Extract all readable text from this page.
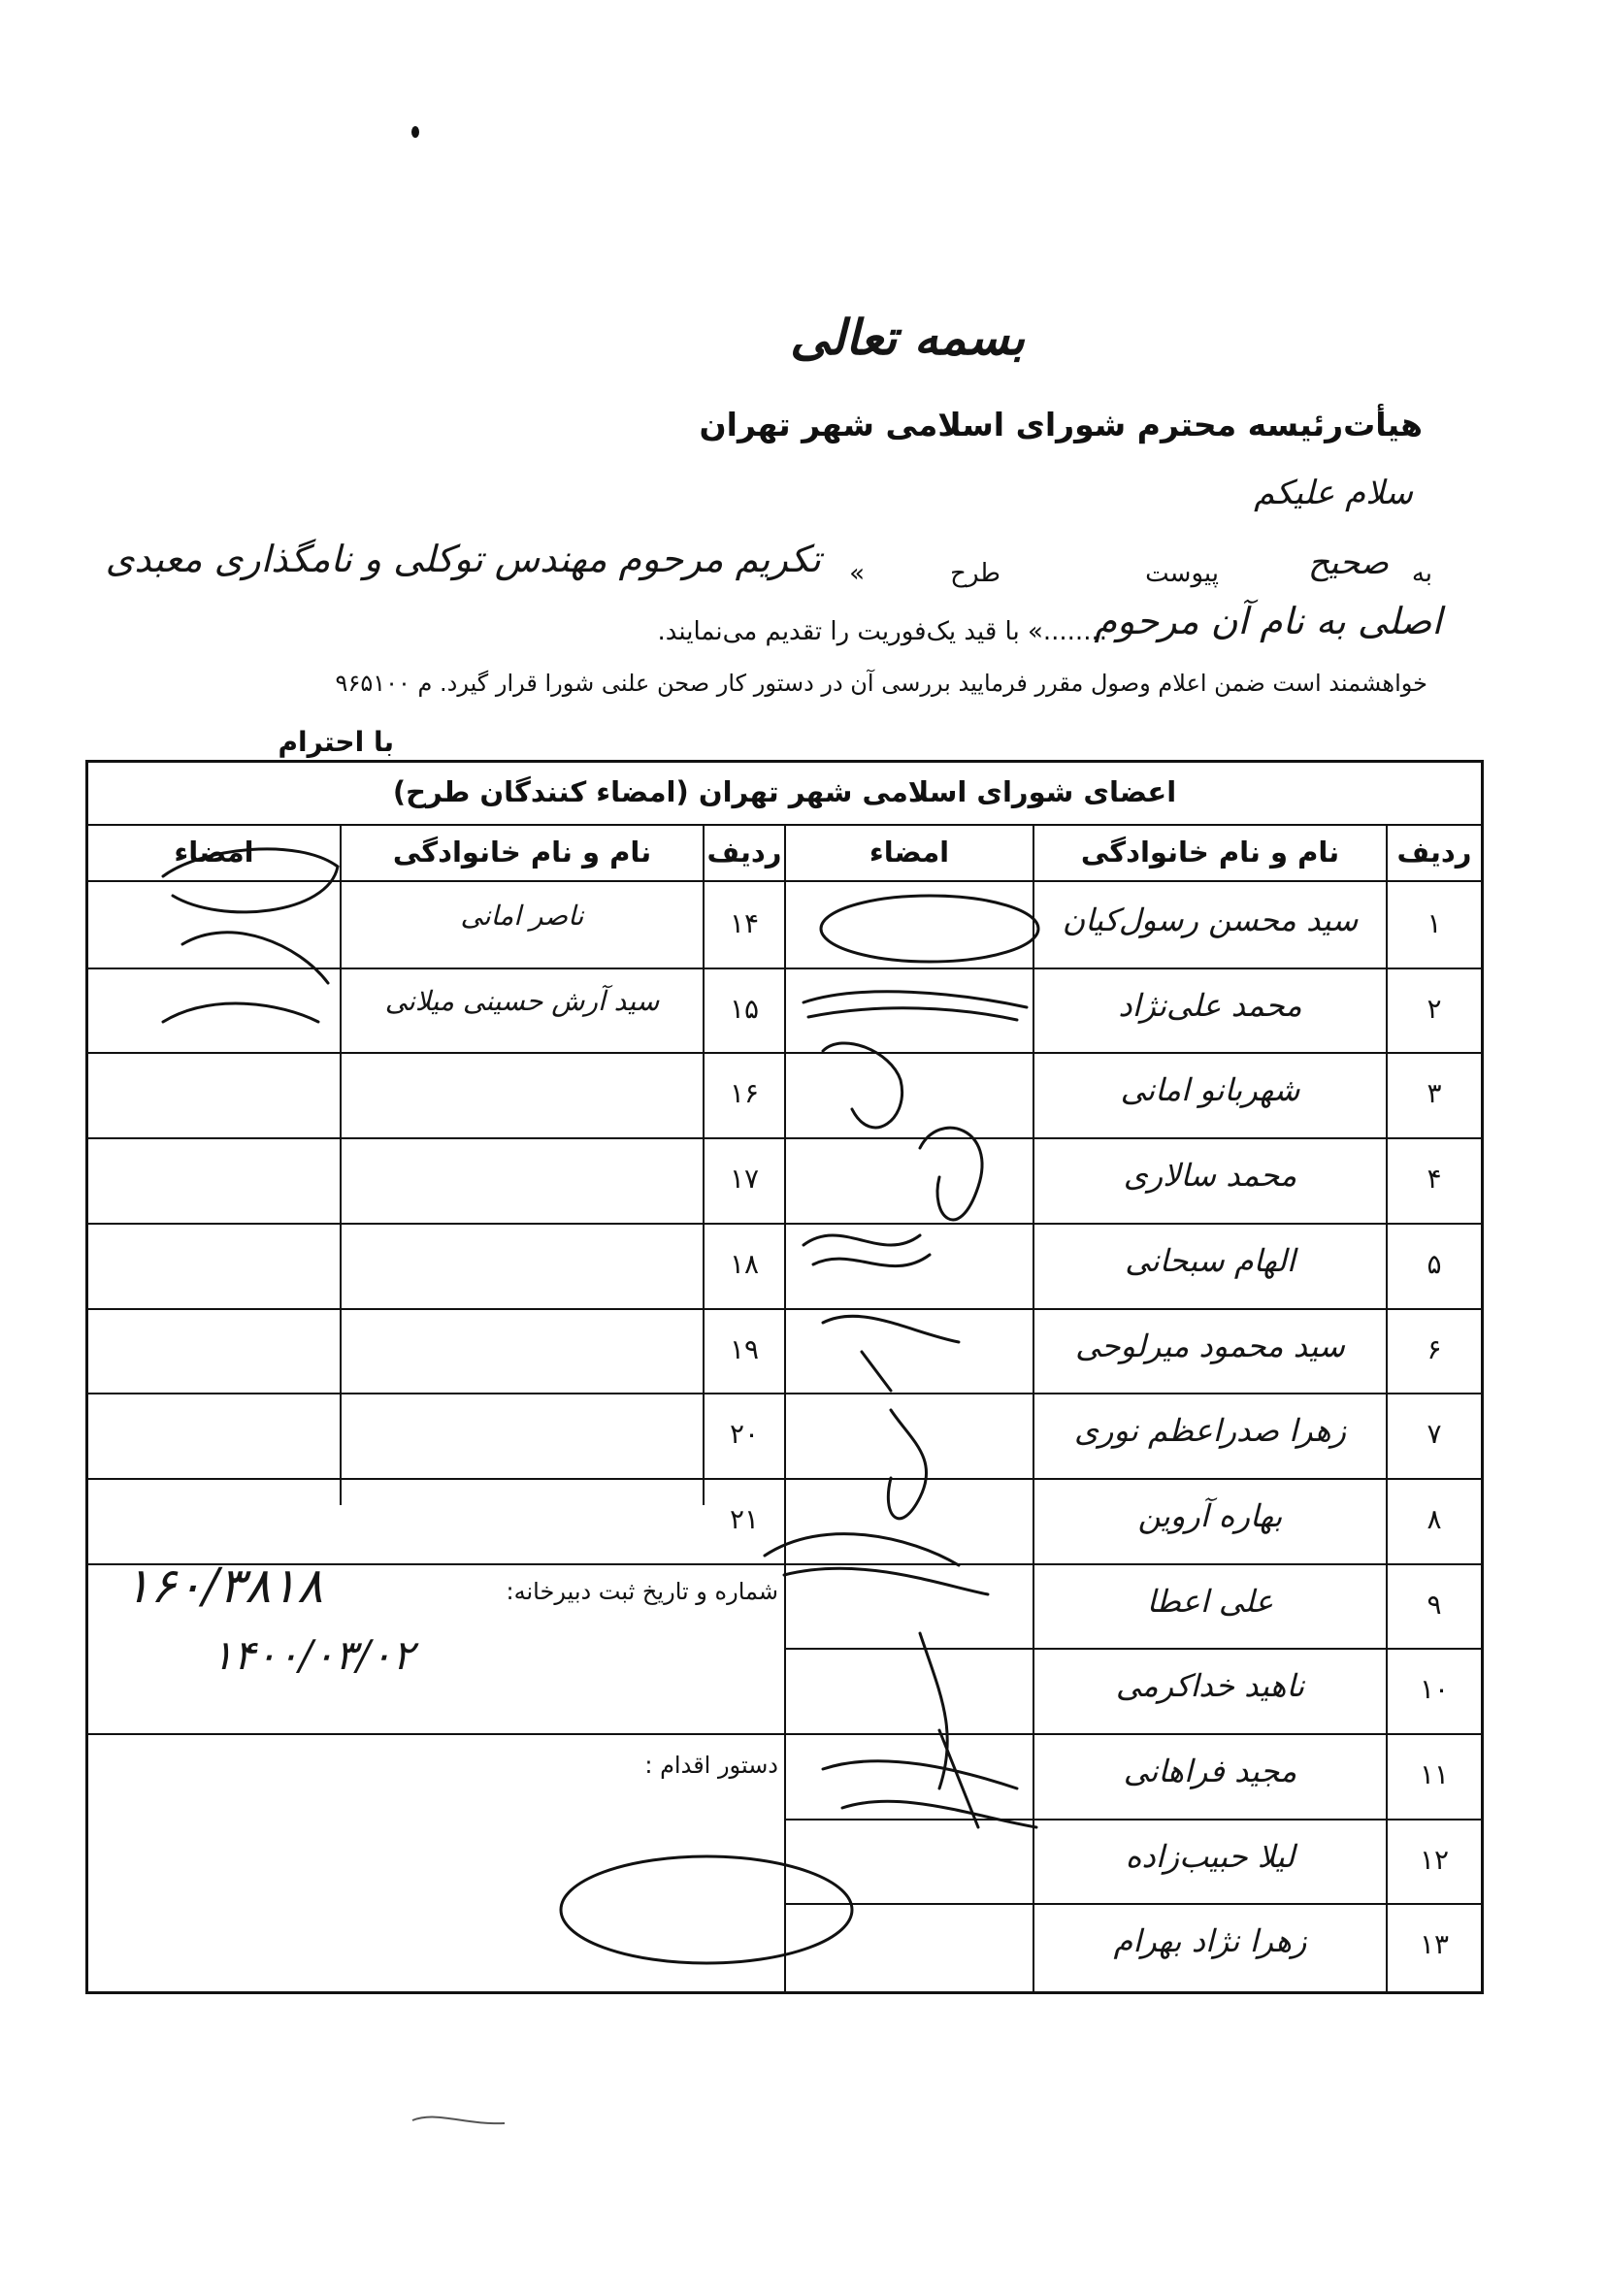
بسمه تعالی
هیأت‌رئیسه محترم شورای اسلامی شهر تهران
سلام علیکم
به
صحیح
پیوست
طرح
«
تکریم مرحوم مهندس توکلی و نامگذاری معبدی
اصلی به نام آن مرحوم
........» با قید یک‌فوریت را تقدیم می‌نمایند.
خواهشمند است ضمن اعلام وصول مقرر فرمایید بررسی آن در دستور کار صحن علنی شورا قرار گیرد. م ۹۶۵۱۰۰
با احترام
اعضای شورای اسلامی شهر تهران (امضاء کنندگان طرح)
ردیف
نام و نام خانوادگی
امضاء
ردیف
نام و نام خانوادگی
امضاء
۱
سید محسن رسول‌کیان
۲
محمد علی‌نژاد
۳
شهربانو امانی
۴
محمد سالاری
۵
الهام سبحانی
۶
سید محمود میرلوحی
۷
زهرا صدراعظم نوری
۸
بهاره آروین
۹
علی اعطا
۱۰
ناهید خداکرمی
۱۱
مجید فراهانی
۱۲
لیلا حبیب‌زاده
۱۳
زهرا نژاد بهرام
۱۴
ناصر امانی
۱۵
سید آرش حسینی میلانی
۱۶
۱۷
۱۸
۱۹
۲۰
۲۱
شماره و تاریخ ثبت دبیرخانه:
۱۶۰/۳۸۱۸
۱۴۰۰/۰۳/۰۲
دستور اقدام :
